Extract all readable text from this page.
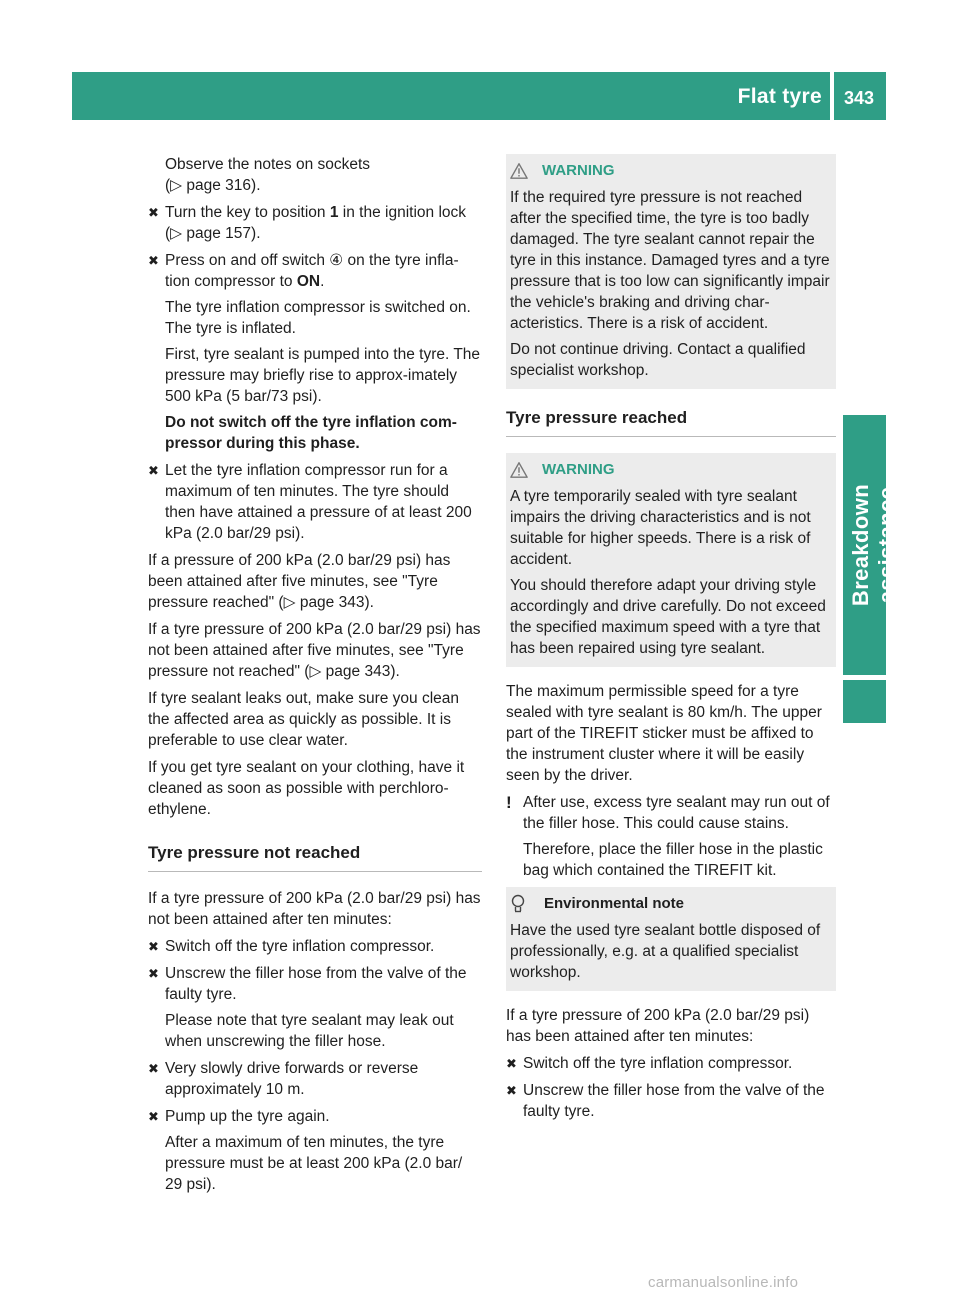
Flat tyre 343
Breakdown assistance

Observe the notes on sockets
(▷ page 316).

✖ Turn the key to position 1 in the ignition lock (▷ page 157).

✖ Press on and off switch ④ on the tyre infla-tion compressor to ON.

The tyre inflation compressor is switched on. The tyre is inflated.

First, tyre sealant is pumped into the tyre. The pressure may briefly rise to approx-imately 500 kPa (5 bar/73 psi).

Do not switch off the tyre inflation com-pressor during this phase.

✖ Let the tyre inflation compressor run for a maximum of ten minutes. The tyre should then have attained a pressure of at least 200 kPa (2.0 bar/29 psi).

If a pressure of 200 kPa (2.0 bar/29 psi) has been attained after five minutes, see "Tyre pressure reached" (▷ page 343).

If a tyre pressure of 200 kPa (2.0 bar/29 psi) has not been attained after five minutes, see "Tyre pressure not reached" (▷ page 343).

If tyre sealant leaks out, make sure you clean the affected area as quickly as possible. It is preferable to use clear water.

If you get tyre sealant on your clothing, have it cleaned as soon as possible with perchloro-ethylene.

Tyre pressure not reached

If a tyre pressure of 200 kPa (2.0 bar/29 psi) has not been attained after ten minutes:

✖ Switch off the tyre inflation compressor.

✖ Unscrew the filler hose from the valve of the faulty tyre.

Please note that tyre sealant may leak out when unscrewing the filler hose.

✖ Very slowly drive forwards or reverse approximately 10 m.

✖ Pump up the tyre again.

After a maximum of ten minutes, the tyre pressure must be at least 200 kPa (2.0 bar/ 29 psi).

WARNING

If the required tyre pressure is not reached after the specified time, the tyre is too badly damaged. The tyre sealant cannot repair the tyre in this instance. Damaged tyres and a tyre pressure that is too low can significantly impair the vehicle's braking and driving char-acteristics. There is a risk of accident.

Do not continue driving. Contact a qualified specialist workshop.

Tyre pressure reached
WARNING

A tyre temporarily sealed with tyre sealant impairs the driving characteristics and is not suitable for higher speeds. There is a risk of accident.

You should therefore adapt your driving style accordingly and drive carefully. Do not exceed the specified maximum speed with a tyre that has been repaired using tyre sealant.

The maximum permissible speed for a tyre sealed with tyre sealant is 80 km/h. The upper part of the TIREFIT sticker must be affixed to the instrument cluster where it will be easily seen by the driver.

! After use, excess tyre sealant may run out of the filler hose. This could cause stains.

Therefore, place the filler hose in the plastic bag which contained the TIREFIT kit.

Environmental note

Have the used tyre sealant bottle disposed of professionally, e.g. at a qualified specialist workshop.

If a tyre pressure of 200 kPa (2.0 bar/29 psi) has been attained after ten minutes:

✖ Switch off the tyre inflation compressor.

✖ Unscrew the filler hose from the valve of the faulty tyre.

carmanualsonline.info
